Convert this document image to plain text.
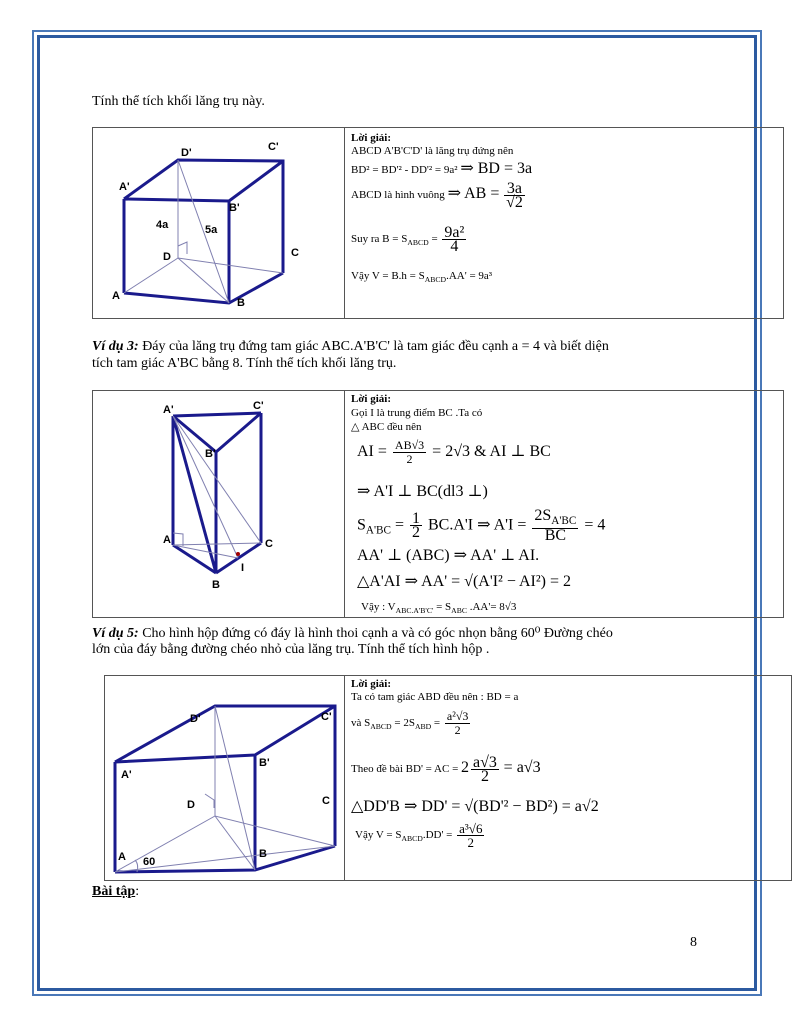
Tính thể tích khối lăng trụ này.
D'	C'
A'
B'
4a	5a
D	C
A
B
Lời giải:
ABCD A'B'C'D' là lăng trụ đứng nên
BD² = BD'² - DD'² = 9a² ⇒ BD = 3a
ABCD là hình vuông ⇒ AB = $\frac{3a}{√2}$
Suy ra $B = S_{ABCD} = \frac{\text{9a²}}{4}$
Vậy $V = B.h = S_{ABCD}.AA' = 9a^3$
Ví dụ 3: Đáy của lăng trụ đứng tam giác ABC.A'B'C' là tam giác đều cạnh a = 4 và biết diện
tích tam giác A'BC bằng 8. Tính thể tích khối lăng trụ.
A'	C'
B'
A	C
I
B
Lời giải:
Gọi I là trung điểm BC .Ta có
△ ABC đều nên
AI = $\frac{AB√3}{2} = 2√3$ & AI ⊥ BC
⇒ A'I ⊥ BC(dl3 ⊥)
$S_{A'BC} = \frac{1}{2} BC.A'I$ ⇒ $A'I = \frac{2S_{A'BC}}{BC} = 4$
AA' ⊥ (ABC) ⇒ AA' ⊥ AI.
△A'AI ⇒ AA' = √(A'I² − AI²) = 2
Vậy : $V_{ABC.A'B'C'} = S_{ABC}$ .AA'= 8√3
Ví dụ 5: Cho hình hộp đứng có đáy là hình thoi cạnh a và có góc nhọn bằng 60⁰ Đường chéo
lớn của đáy bằng đường chéo nhỏ của lăng trụ. Tính thể tích hình hộp .
D'	C'
A'
B'
D	C
A 60
B
Lời giải:
Ta có tam giác ABD đều nên : BD = a
và $S_{ABCD} = 2S_{ABD} = \frac{\text{a²√3}}{2}$
Theo đề bài BD' = AC = $2 \frac{a√3}{2} = a√3$
△DD'B ⇒ DD' = √(BD'² − BD²) = a√2
Vậy $V = S_{ABCD}.DD' = \frac{\text{a³√6}}{2}$
Bài tập:
8
